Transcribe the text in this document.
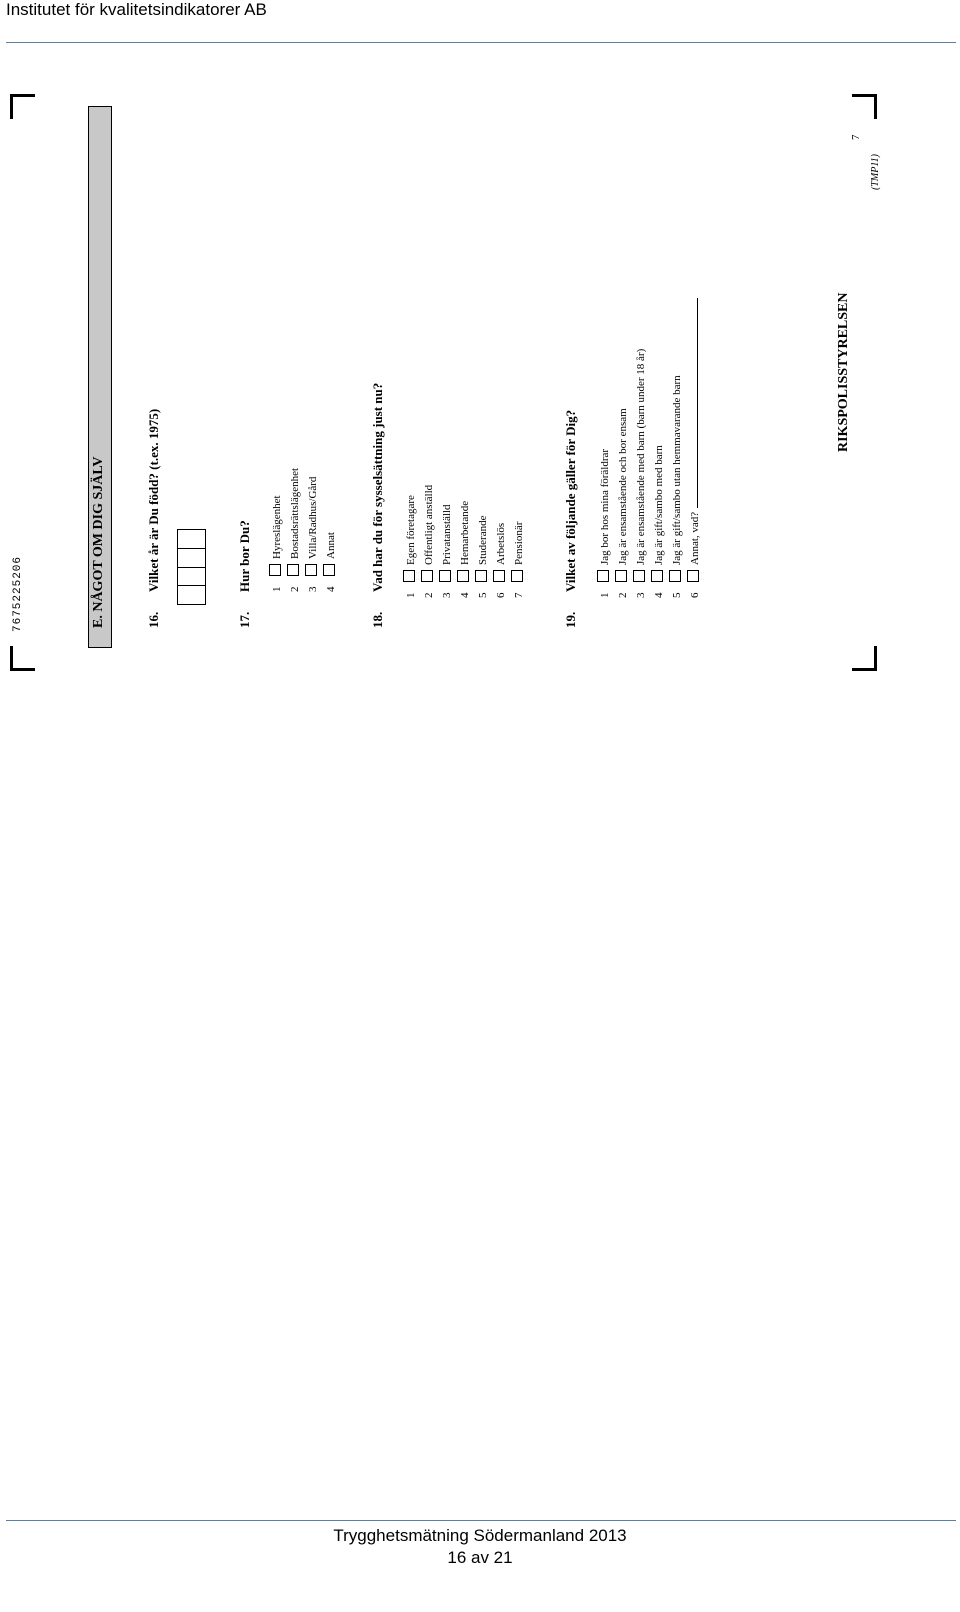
Institutet för kvalitetsindikatorer AB
7675225206	E. NÅGOT OM DIG SJÄLV	16.
Vilket år är Du född? (t.ex. 1975)
17.
Hur bor Du? 1Hyreslägenhet
2Bostadsrättslägenhet
3Villa/Radhus/Gård
4Annat
18.
Vad har du för sysselsättning just nu?
1Egen företagare
2Offentligt anställd
3Privatanställd
4Hemarbetande
5Studerande
6Arbetslös
7Pensionär
19.
Vilket av följande gäller för Dig?
1Jag bor hos mina föräldrar
2Jag är ensamstående och bor ensam
3Jag är ensamstående med barn (barn under 18 år)
4Jag är gift/sambo med barn
5Jag är gift/sambo utan hemmavarande barn
6Annat, vad?
RIKSPOLISSTYRELSEN
7
(TMP11)
Trygghetsmätning Södermanland 2013
16 av 21
